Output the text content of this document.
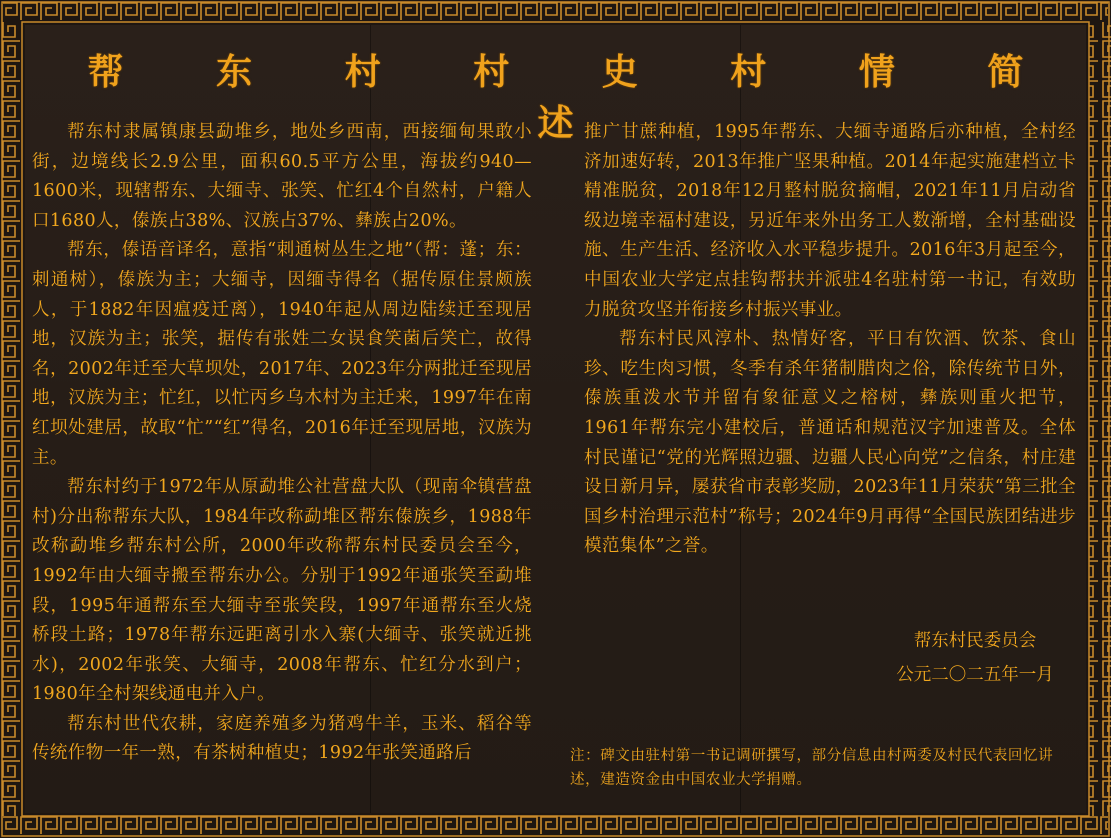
帮 东 村 村 史 村 情 简 述

帮东村隶属镇康县勐堆乡，地处乡西南，西接缅甸果敢小街，边境线长2.9公里，面积60.5平方公里，海拔约940—1600米，现辖帮东、大缅寺、张笑、忙红4个自然村，户籍人口1680人，傣族占38%、汉族占37%、彝族占20%。

帮东，傣语音译名，意指“刺通树丛生之地”（帮：蓬；东：刺通树），傣族为主；大缅寺，因缅寺得名（据传原住景颇族人，于1882年因瘟疫迁离），1940年起从周边陆续迁至现居地，汉族为主；张笑，据传有张姓二女误食笑菌后笑亡，故得名，2002年迁至大草坝处，2017年、2023年分两批迁至现居地，汉族为主；忙红，以忙丙乡乌木村为主迁来，1997年在南红坝处建居，故取“忙”“红”得名，2016年迁至现居地，汉族为主。

帮东村约于1972年从原勐堆公社营盘大队（现南伞镇营盘村)分出称帮东大队，1984年改称勐堆区帮东傣族乡，1988年改称勐堆乡帮东村公所，2000年改称帮东村民委员会至今，1992年由大缅寺搬至帮东办公。分别于1992年通张笑至勐堆段，1995年通帮东至大缅寺至张笑段，1997年通帮东至火烧桥段土路；1978年帮东远距离引水入寨(大缅寺、张笑就近挑水)，2002年张笑、大缅寺，2008年帮东、忙红分水到户；1980年全村架线通电并入户。

帮东村世代农耕，家庭养殖多为猪鸡牛羊，玉米、稻谷等传统作物一年一熟，有茶树种植史；1992年张笑通路后

推广甘蔗种植，1995年帮东、大缅寺通路后亦种植，全村经济加速好转，2013年推广坚果种植。2014年起实施建档立卡精准脱贫，2018年12月整村脱贫摘帽，2021年11月启动省级边境幸福村建设，另近年来外出务工人数渐增，全村基础设施、生产生活、经济收入水平稳步提升。2016年3月起至今，中国农业大学定点挂钩帮扶并派驻4名驻村第一书记，有效助力脱贫攻坚并衔接乡村振兴事业。

帮东村民风淳朴、热情好客，平日有饮酒、饮茶、食山珍、吃生肉习惯，冬季有杀年猪制腊肉之俗，除传统节日外，傣族重泼水节并留有象征意义之榕树，彝族则重火把节，1961年帮东完小建校后，普通话和规范汉字加速普及。全体村民谨记“党的光辉照边疆、边疆人民心向党”之信条，村庄建设日新月异，屡获省市表彰奖励，2023年11月荣获“第三批全国乡村治理示范村”称号；2024年9月再得“全国民族团结进步模范集体”之誉。

帮东村民委员会
公元二〇二五年一月
注：碑文由驻村第一书记调研撰写，部分信息由村两委及村民代表回忆讲述，建造资金由中国农业大学捐赠。
